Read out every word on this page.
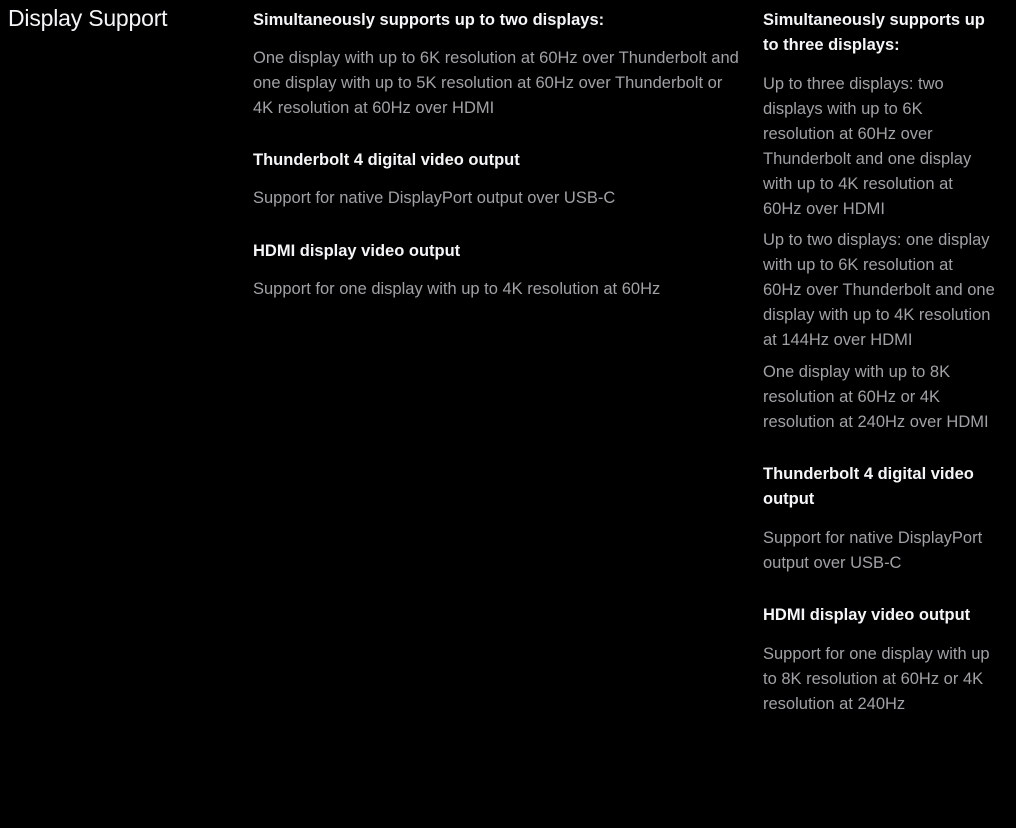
Display Support	Simultaneously supports up to two displays:

One display with up to 6K resolution at 60Hz over Thunderbolt and one display with up to 5K resolution at 60Hz over Thunderbolt or 4K resolution at 60Hz over HDMI

Thunderbolt 4 digital video output

Support for native DisplayPort output over USB-C

HDMI display video output

Support for one display with up to 4K resolution at 60Hz

Simultaneously supports up to three displays:

Up to three displays: two displays with up to 6K resolution at 60Hz over Thunderbolt and one display with up to 4K resolution at 60Hz over HDMI

Up to two displays: one display with up to 6K resolution at 60Hz over Thunderbolt and one display with up to 4K resolution at 144Hz over HDMI

One display with up to 8K resolution at 60Hz or 4K resolution at 240Hz over HDMI

Thunderbolt 4 digital video output

Support for native DisplayPort output over USB-C

HDMI display video output

Support for one display with up to 8K resolution at 60Hz or 4K resolution at 240Hz
